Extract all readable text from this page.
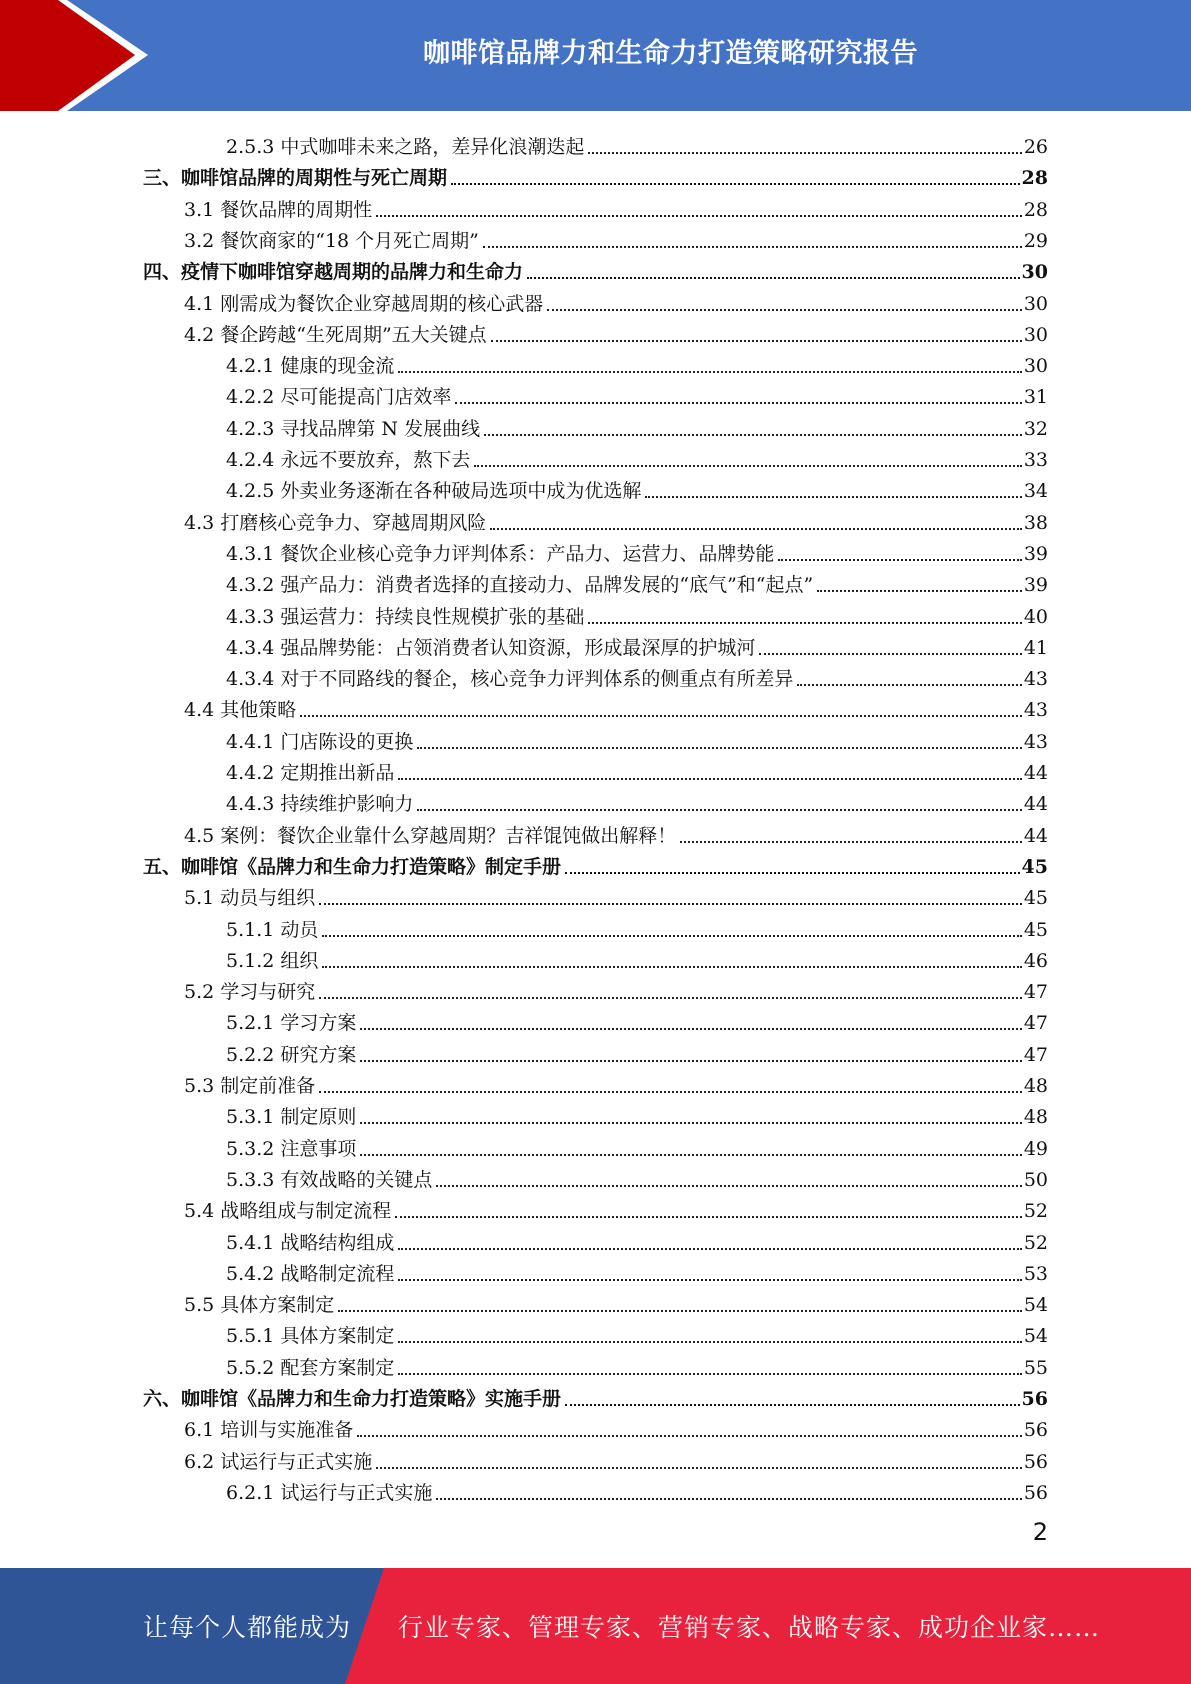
咖啡馆品牌力和生命力打造策略研究报告
2.5.3 中式咖啡未来之路，差异化浪潮迭起	26
三、咖啡馆品牌的周期性与死亡周期	28
3.1 餐饮品牌的周期性	28
3.2 餐饮商家的“18 个月死亡周期”	29
四、疫情下咖啡馆穿越周期的品牌力和生命力	30
4.1 刚需成为餐饮企业穿越周期的核心武器	30
4.2 餐企跨越“生死周期”五大关键点	30
4.2.1 健康的现金流	30
4.2.2 尽可能提高门店效率	31
4.2.3 寻找品牌第 N 发展曲线	32
4.2.4 永远不要放弃，熬下去	33
4.2.5 外卖业务逐渐在各种破局选项中成为优选解	34
4.3 打磨核心竞争力、穿越周期风险	38
4.3.1 餐饮企业核心竞争力评判体系：产品力、运营力、品牌势能	39
4.3.2 强产品力：消费者选择的直接动力、品牌发展的“底气”和“起点”	39
4.3.3 强运营力：持续良性规模扩张的基础	40
4.3.4 强品牌势能：占领消费者认知资源，形成最深厚的护城河	41
4.3.4 对于不同路线的餐企，核心竞争力评判体系的侧重点有所差异	43
4.4 其他策略	43
4.4.1 门店陈设的更换	43
4.4.2 定期推出新品	44
4.4.3 持续维护影响力	44
4.5 案例：餐饮企业靠什么穿越周期？吉祥馄饨做出解释！	44
五、咖啡馆《品牌力和生命力打造策略》制定手册	45
5.1 动员与组织	45
5.1.1 动员	45
5.1.2 组织	46
5.2 学习与研究	47
5.2.1 学习方案	47
5.2.2 研究方案	47
5.3 制定前准备	48
5.3.1 制定原则	48
5.3.2 注意事项	49
5.3.3 有效战略的关键点	50
5.4 战略组成与制定流程	52
5.4.1 战略结构组成	52
5.4.2 战略制定流程	53
5.5 具体方案制定	54
5.5.1 具体方案制定	54
5.5.2 配套方案制定	55
六、咖啡馆《品牌力和生命力打造策略》实施手册	56
6.1 培训与实施准备	56
6.2 试运行与正式实施	56
6.2.1 试运行与正式实施	56
2
让每个人都能成为 行业专家、管理专家、营销专家、战略专家、成功企业家……
